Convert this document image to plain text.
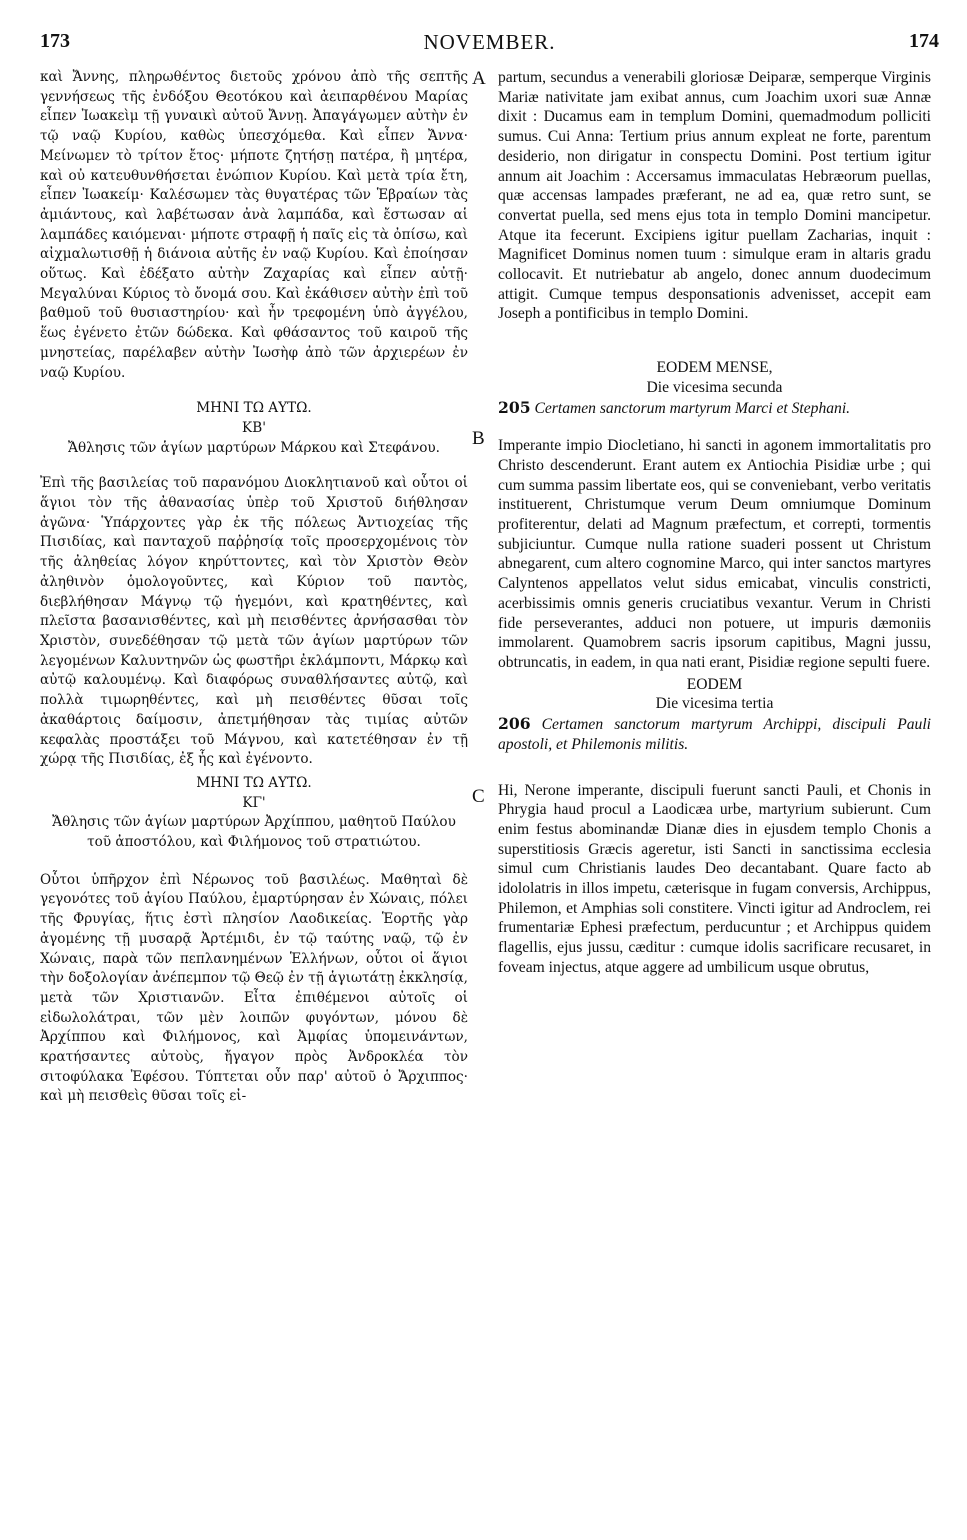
173	NOVEMBER.	174
A
B
C

καὶ Ἄννης, πληρωθέντος διετοῦς χρόνου ἀπὸ τῆς σεπτῆς γεννήσεως τῆς ἐνδόξου Θεοτόκου καὶ ἀειπαρθένου Μαρίας εἶπεν Ἰωακεὶμ τῇ γυναικὶ αὐτοῦ Ἄννῃ. Ἀπαγάγωμεν αὐτὴν ἐν τῷ ναῷ Κυρίου, καθὼς ὑπεσχόμεθα. Καὶ εἶπεν Ἄννα· Μείνωμεν τὸ τρίτον ἔτος· μήποτε ζητήσῃ πατέρα, ἢ μητέρα, καὶ οὐ κατευθυνθήσεται ἐνώπιον Κυρίου. Καὶ μετὰ τρία ἔτη, εἶπεν Ἰωακείμ· Καλέσωμεν τὰς θυγατέρας τῶν Ἑβραίων τὰς ἀμιάντους, καὶ λαβέτωσαν ἀνὰ λαμπάδα, καὶ ἔστωσαν αἱ λαμπάδες καιόμεναι· μήποτε στραφῇ ἡ παῖς εἰς τὰ ὀπίσω, καὶ αἰχμαλωτισθῇ ἡ διάνοια αὐτῆς ἐν ναῷ Κυρίου. Καὶ ἐποίησαν οὕτως. Καὶ ἐδέξατο αὐτὴν Ζαχαρίας καὶ εἶπεν αὐτῇ· Μεγαλύναι Κύριος τὸ ὄνομά σου. Καὶ ἐκάθισεν αὐτὴν ἐπὶ τοῦ βαθμοῦ τοῦ θυσιαστηρίου· καὶ ἦν τρεφομένη ὑπὸ ἀγγέλου, ἕως ἐγένετο ἐτῶν δώδεκα. Καὶ φθάσαντος τοῦ καιροῦ τῆς μνηστείας, παρέλαβεν αὐτὴν Ἰωσὴφ ἀπὸ τῶν ἀρχιερέων ἐν ναῷ Κυρίου.

ΜΗΝΙ ΤΩ ΑΥΤΩ.

ΚΒ'

Ἄθλησις τῶν ἁγίων μαρτύρων Μάρκου καὶ Στεφάνου.

Ἐπὶ τῆς βασιλείας τοῦ παρανόμου Διοκλητιανοῦ καὶ οὗτοι οἱ ἅγιοι τὸν τῆς ἀθανασίας ὑπὲρ τοῦ Χριστοῦ διήθλησαν ἀγῶνα· Ὑπάρχοντες γὰρ ἐκ τῆς πόλεως Ἀντιοχείας τῆς Πισιδίας, καὶ πανταχοῦ παῤῥησίᾳ τοῖς προσερχομένοις τὸν τῆς ἀληθείας λόγον κηρύττοντες, καὶ τὸν Χριστὸν Θεὸν ἀληθινὸν ὁμολογοῦντες, καὶ Κύριον τοῦ παντὸς, διεβλήθησαν Μάγνῳ τῷ ἡγεμόνι, καὶ κρατηθέντες, καὶ πλεῖστα βασανισθέντες, καὶ μὴ πεισθέντες ἀρνήσασθαι τὸν Χριστὸν, συνεδέθησαν τῷ μετὰ τῶν ἁγίων μαρτύρων τῶν λεγομένων Καλυντηνῶν ὡς φωστῆρι ἐκλάμποντι, Μάρκῳ καὶ αὐτῷ καλουμένῳ. Καὶ διαφόρως συναθλήσαντες αὐτῷ, καὶ πολλὰ τιμωρηθέντες, καὶ μὴ πεισθέντες θῦσαι τοῖς ἀκαθάρτοις δαίμοσιν, ἀπετμήθησαν τὰς τιμίας αὐτῶν κεφαλὰς προστάξει τοῦ Μάγνου, καὶ κατετέθησαν ἐν τῇ χώρᾳ τῆς Πισιδίας, ἐξ ἧς καὶ ἐγένοντο.

ΜΗΝΙ ΤΩ ΑΥΤΩ.

ΚΓ'

Ἄθλησις τῶν ἁγίων μαρτύρων Ἀρχίππου, μαθητοῦ Παύλου τοῦ ἀποστόλου, καὶ Φιλήμονος τοῦ στρατιώτου.

Οὗτοι ὑπῆρχον ἐπὶ Νέρωνος τοῦ βασιλέως. Μαθηταὶ δὲ γεγονότες τοῦ ἁγίου Παύλου, ἐμαρτύρησαν ἐν Χώναις, πόλει τῆς Φρυγίας, ἥτις ἐστὶ πλησίον Λαοδικείας. Ἑορτῆς γὰρ ἀγομένης τῇ μυσαρᾷ Ἀρτέμιδι, ἐν τῷ ταύτης ναῷ, τῷ ἐν Χώναις, παρὰ τῶν πεπλανημένων Ἑλλήνων, οὗτοι οἱ ἅγιοι τὴν δοξολογίαν ἀνέπεμπον τῷ Θεῷ ἐν τῇ ἁγιωτάτῃ ἐκκλησίᾳ, μετὰ τῶν Χριστιανῶν. Εἶτα ἐπιθέμενοι αὐτοῖς οἱ εἰδωλολάτραι, τῶν μὲν λοιπῶν φυγόντων, μόνου δὲ Ἀρχίππου καὶ Φιλήμονος, καὶ Ἀμφίας ὑπομεινάντων, κρατήσαντες αὐτοὺς, ἤγαγον πρὸς Ἀνδροκλέα τὸν σιτοφύλακα Ἐφέσου. Τύπτεται οὖν παρ' αὐτοῦ ὁ Ἄρχιππος· καὶ μὴ πεισθεὶς θῦσαι τοῖς εἰ-

partum, secundus a venerabili gloriosæ Deiparæ, semperque Virginis Mariæ nativitate jam exibat annus, cum Joachim uxori suæ Annæ dixit : Ducamus eam in templum Domini, quemadmodum polliciti sumus. Cui Anna: Tertium prius annum expleat ne forte, parentum desiderio, non dirigatur in conspectu Domini. Post tertium igitur annum ait Joachim : Accersamus immaculatas Hebræorum puellas, quæ accensas lampades præferant, ne ad ea, quæ retro sunt, se convertat puella, sed mens ejus tota in templo Domini mancipetur. Atque ita fecerunt. Excipiens igitur puellam Zacharias, inquit : Magnificet Dominus nomen tuum : simulque eram in altaris gradu collocavit. Et nutriebatur ab angelo, donec annum duodecimum attigit. Cumque tempus desponsationis advenisset, accepit eam Joseph a pontificibus in templo Domini.

EODEM MENSE,

Die vicesima secunda

205 Certamen sanctorum martyrum Marci et Stephani.

Imperante impio Diocletiano, hi sancti in agonem immortalitatis pro Christo descenderunt. Erant autem ex Antiochia Pisidiæ urbe ; qui cum summa passim libertate eos, qui se conveniebant, verbo veritatis instituerent, Christumque verum Deum omniumque Dominum profiterentur, delati ad Magnum præfectum, et correpti, tormentis subjiciuntur. Cumque nulla ratione suaderi possent ut Christum abnegarent, cum altero cognomine Marco, qui inter sanctos martyres Calyntenos appellatos velut sidus emicabat, vinculis constricti, acerbissimis omnis generis cruciatibus vexantur. Verum in Christi fide perseverantes, adduci non potuere, ut impuris dæmoniis immolarent. Quamobrem sacris ipsorum capitibus, Magni jussu, obtruncatis, in eadem, in qua nati erant, Pisidiæ regione sepulti fuere.

EODEM

Die vicesima tertia

206 Certamen sanctorum martyrum Archippi, discipuli Pauli apostoli, et Philemonis militis.

Hi, Nerone imperante, discipuli fuerunt sancti Pauli, et Chonis in Phrygia haud procul a Laodicæa urbe, martyrium subierunt. Cum enim festus abominandæ Dianæ dies in ejusdem templo Chonis a superstitiosis Græcis ageretur, isti Sancti in sanctissima ecclesia simul cum Christianis laudes Deo decantabant. Quare facto ab idololatris in illos impetu, cæterisque in fugam conversis, Archippus, Philemon, et Amphias soli constitere. Vincti igitur ad Androclem, rei frumentariæ Ephesi præfectum, perducuntur ; et Archippus quidem flagellis, ejus jussu, cæditur : cumque idolis sacrificare recusaret, in foveam injectus, atque aggere ad umbilicum usque obrutus,
